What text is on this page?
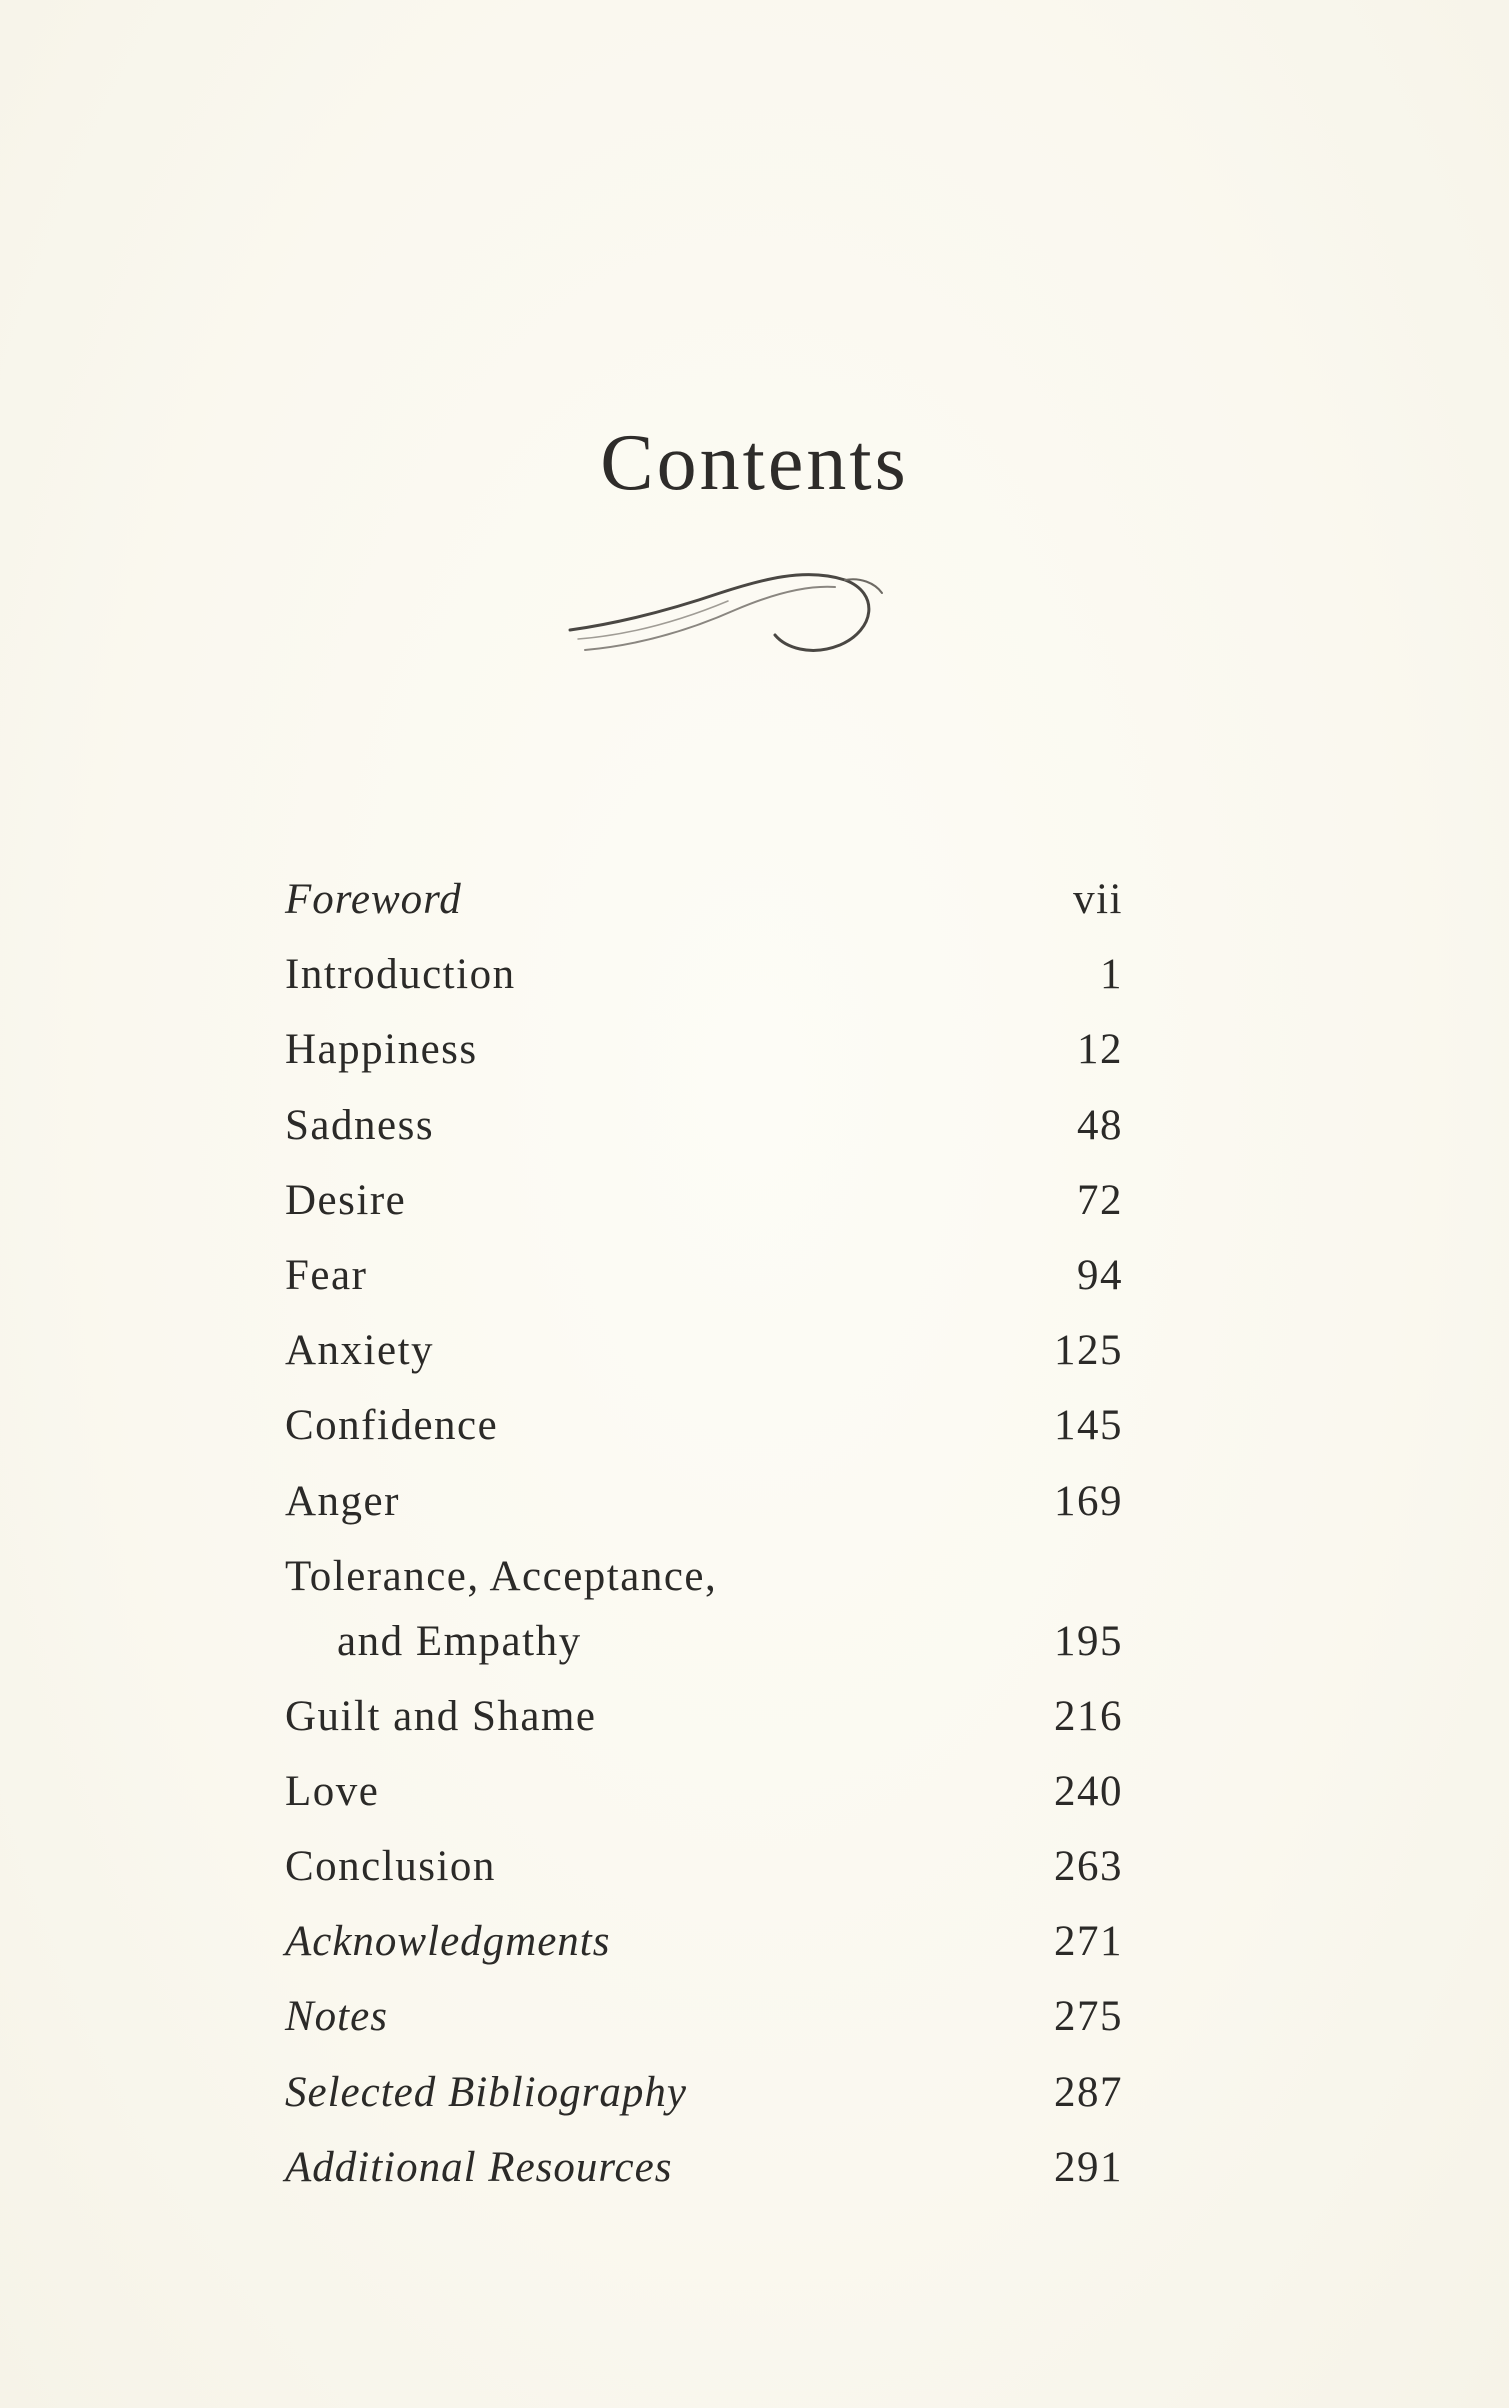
Contents
Foreword	vii
Introduction	1
Happiness	12
Sadness	48
Desire	72
Fear	94
Anxiety	125
Confidence	145
Anger	169
Tolerance, Acceptance,
and Empathy	195
Guilt and Shame	216
Love	240
Conclusion	263
Acknowledgments	271
Notes	275
Selected Bibliography	287
Additional Resources	291
